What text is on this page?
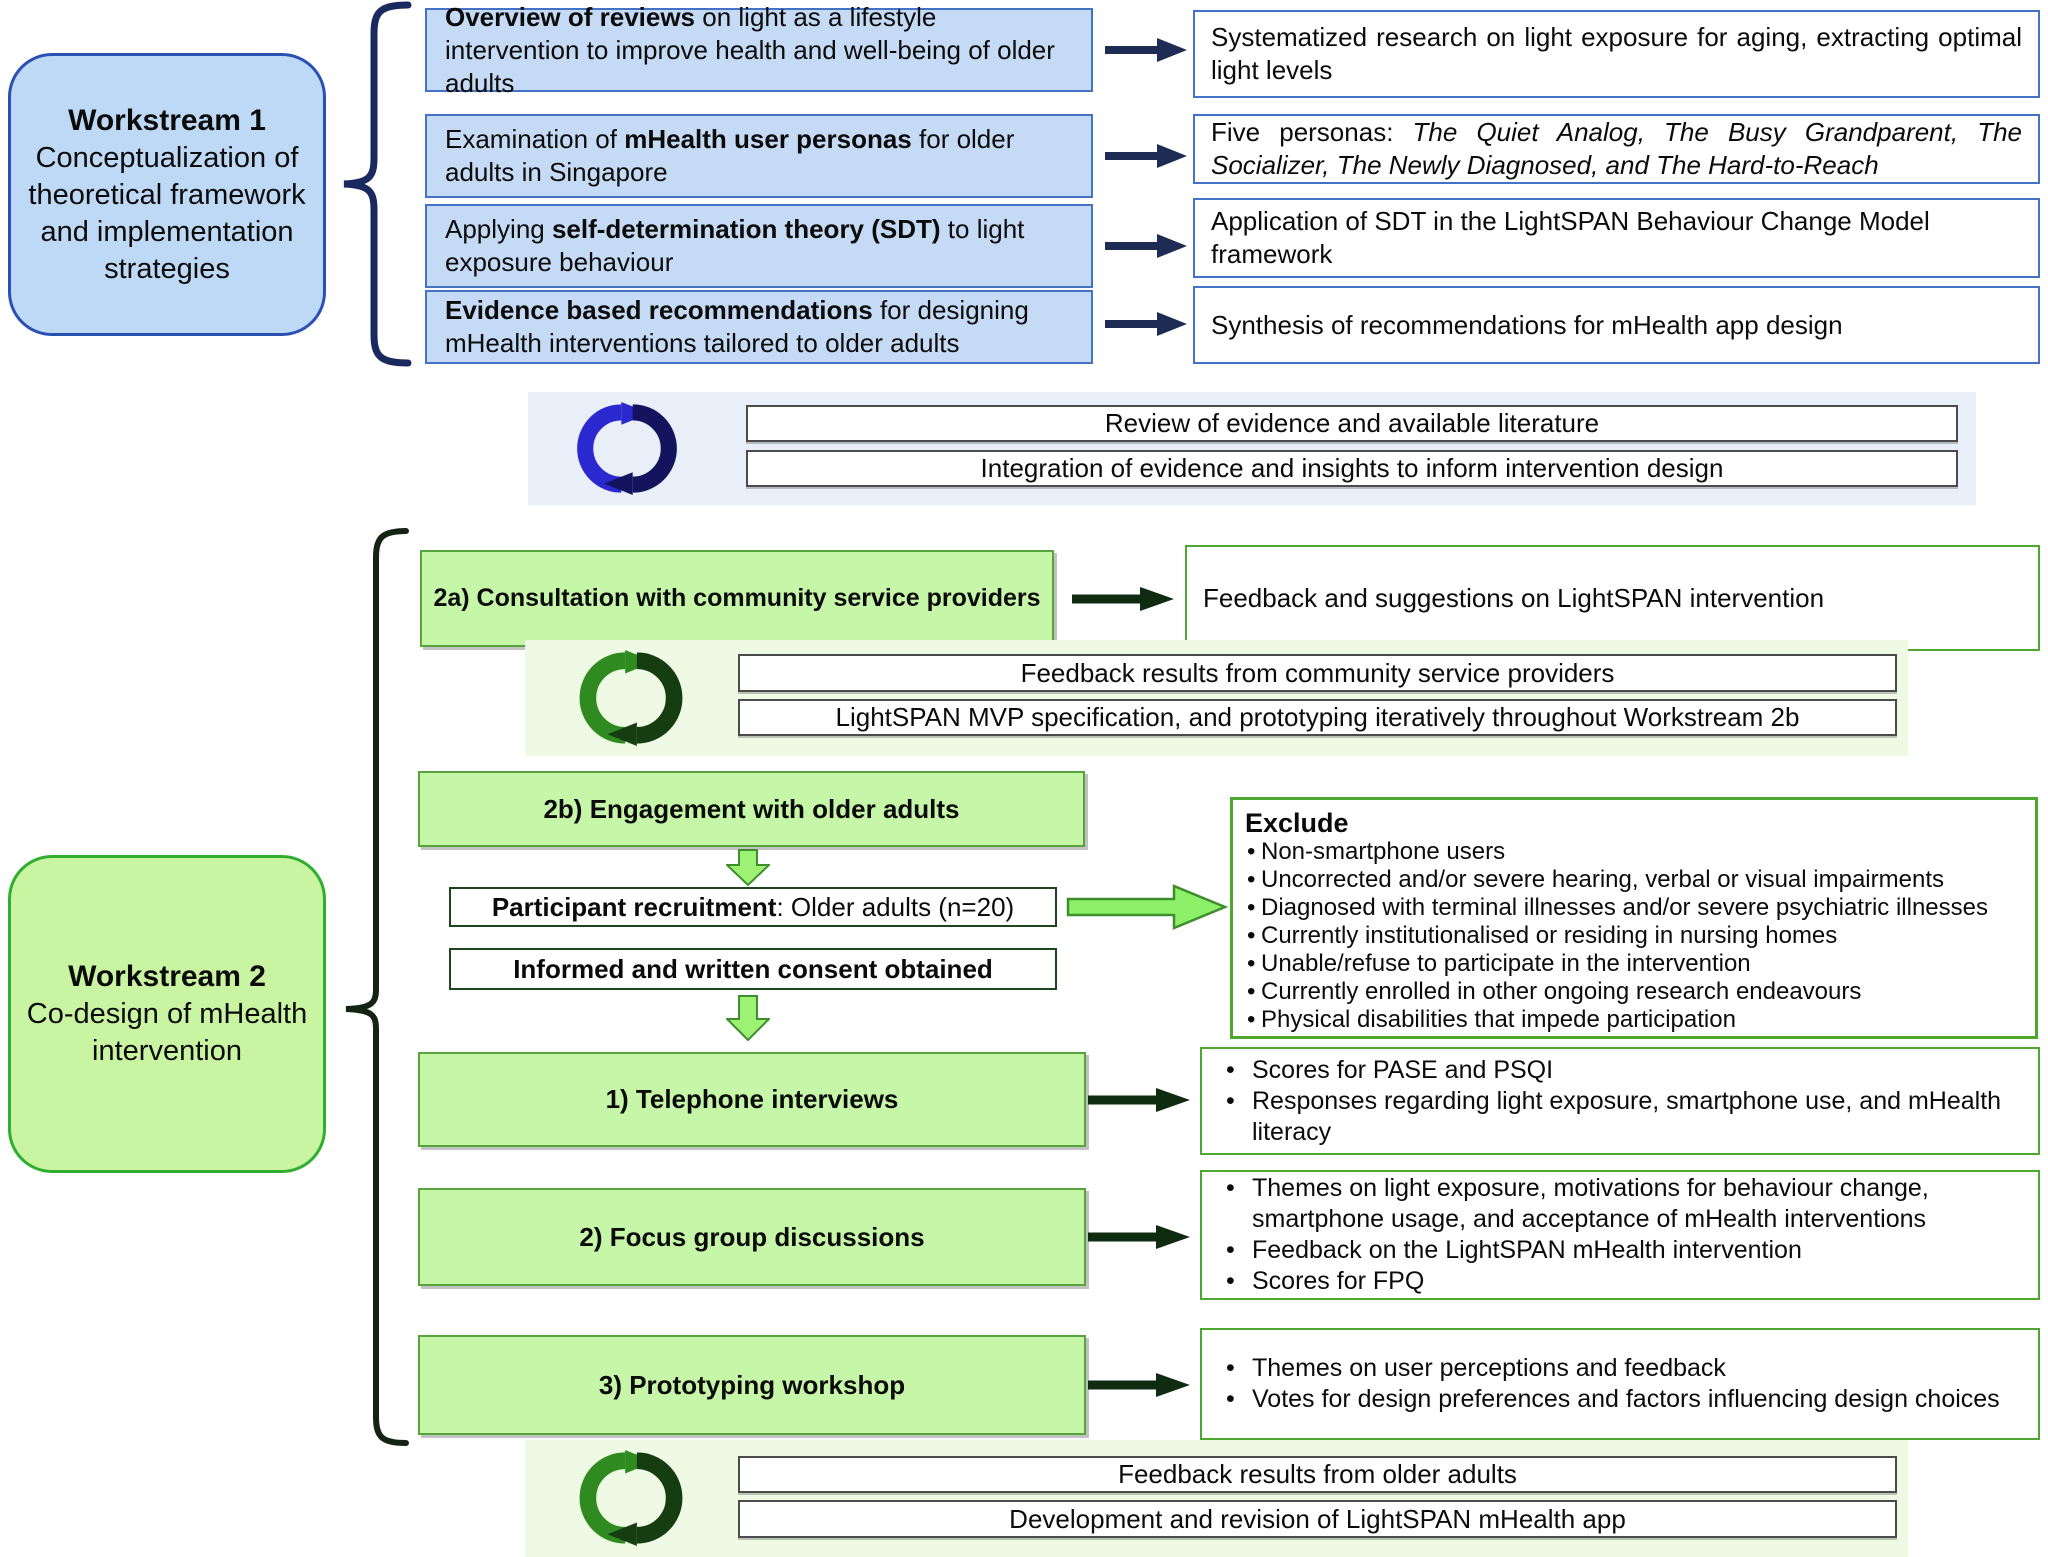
Workstream 1
Conceptualization of theoretical framework and implementation strategies

Overview of reviews on light as a lifestyle intervention to improve health and well-being of older adults

Examination of mHealth user personas for older adults in Singapore

Applying self-determination theory (SDT) to light exposure behaviour

Evidence based recommendations for designing mHealth interventions tailored to older adults

Systematized research on light exposure for aging, extracting optimal light levels

Five personas: The Quiet Analog, The Busy Grandparent, The Socializer, The Newly Diagnosed, and The Hard-to-Reach

Application of SDT in the LightSPAN Behaviour Change Model framework

Synthesis of recommendations for mHealth app design

Review of evidence and available literature
Integration of evidence and insights to inform intervention design
Workstream 2
Co-design of mHealth intervention
2a) Consultation with community service providers	Feedback and suggestions on LightSPAN intervention

Feedback results from community service providers
LightSPAN MVP specification, and prototyping iteratively throughout Workstream 2b
2b) Engagement with older adults
Participant recruitment: Older adults (n=20)
Exclude
• Non-smartphone users
• Uncorrected and/or severe hearing, verbal or visual impairments
• Diagnosed with terminal illnesses and/or severe psychiatric illnesses
• Currently institutionalised or residing in nursing homes
• Unable/refuse to participate in the intervention
• Currently enrolled in other ongoing research endeavours
• Physical disabilities that impede participation
Informed and written consent obtained
1) Telephone interviews
• Scores for PASE and PSQI
• Responses regarding light exposure, smartphone use, and mHealth literacy
2) Focus group discussions
• Themes on light exposure, motivations for behaviour change, smartphone usage, and acceptance of mHealth interventions
• Feedback on the LightSPAN mHealth intervention
• Scores for FPQ
3) Prototyping workshop
• Themes on user perceptions and feedback
• Votes for design preferences and factors influencing design choices
Feedback results from older adults
Development and revision of LightSPAN mHealth app
